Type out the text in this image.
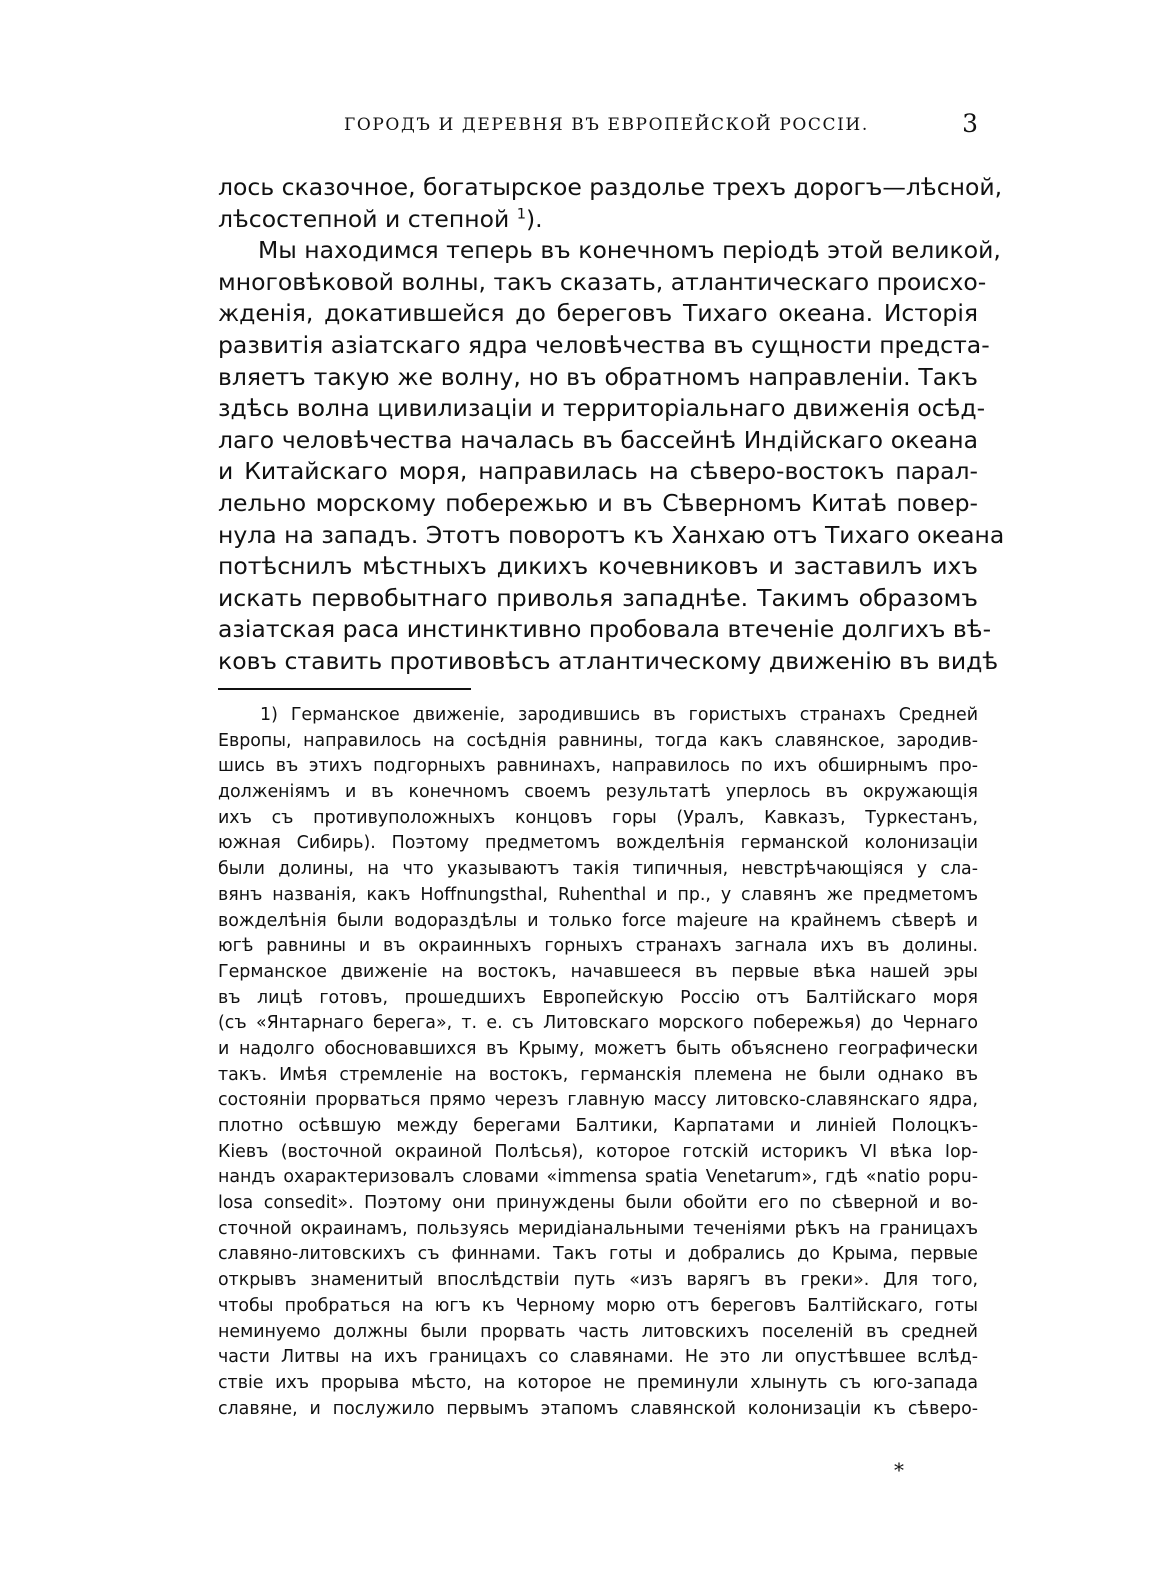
ГОРОДЪ И ДЕРЕВНЯ ВЪ ЕВРОПЕЙСКОЙ РОССІИ.	3
лось сказочное, богатырское раздолье трехъ дорогъ—лѣсной,
лѣсостепной и степной $^1$).
Мы находимся теперь въ конечномъ періодѣ этой великой,
многовѣковой волны, такъ сказать, атлантическаго происхо-
жденія, докатившейся до береговъ Тихаго океана. Исторія
развитія азіатскаго ядра человѣчества въ сущности предста-
вляетъ такую же волну, но въ обратномъ направленіи. Такъ
здѣсь волна цивилизаціи и территоріальнаго движенія осѣд-
лаго человѣчества началась въ бассейнѣ Индійскаго океана
и Китайскаго моря, направилась на сѣверо-востокъ парал-
лельно морскому побережью и въ Сѣверномъ Китаѣ повер-
нула на западъ. Этотъ поворотъ къ Ханхаю отъ Тихаго океана
потѣснилъ мѣстныхъ дикихъ кочевниковъ и заставилъ ихъ
искать первобытнаго приволья западнѣе. Такимъ образомъ
азіатская раса инстинктивно пробовала втеченіе долгихъ вѣ-
ковъ ставить противовѣсъ атлантическому движенію въ видѣ
1) Германское движеніе, зародившись въ гористыхъ странахъ Средней
Европы, направилось на сосѣднія равнины, тогда какъ славянское, зародив-
шись въ этихъ подгорныхъ равнинахъ, направилось по ихъ обширнымъ про-
долженіямъ и въ конечномъ своемъ результатѣ уперлось въ окружающія
ихъ съ противуположныхъ концовъ горы (Уралъ, Кавказъ, Туркестанъ,
южная Сибирь). Поэтому предметомъ вожделѣнія германской колонизаціи
были долины, на что указываютъ такія типичныя, невстрѣчающіяся у сла-
вянъ названія, какъ Hoffnungsthal, Ruhenthal и пр., у славянъ же предметомъ
вожделѣнія были водораздѣлы и только force majeure на крайнемъ сѣверѣ и
югѣ равнины и въ окраинныхъ горныхъ странахъ загнала ихъ въ долины.
Германское движеніе на востокъ, начавшееся въ первые вѣка нашей эры
въ лицѣ готовъ, прошедшихъ Европейскую Россію отъ Балтійскаго моря
(съ «Янтарнаго берега», т. е. съ Литовскаго морского побережья) до Чернаго
и надолго обосновавшихся въ Крыму, можетъ быть объяснено географически
такъ. Имѣя стремленіе на востокъ, германскія племена не были однако въ
состояніи прорваться прямо черезъ главную массу литовско-славянскаго ядра,
плотно осѣвшую между берегами Балтики, Карпатами и линіей Полоцкъ-
Кіевъ (восточной окраиной Полѣсья), которое готскій историкъ VI вѣка Іор-
нандъ охарактеризовалъ словами «immensa spatia Venetarum», гдѣ «natio popu-
losa consedit». Поэтому они принуждены были обойти его по сѣверной и во-
сточной окраинамъ, пользуясь меридіанальными теченіями рѣкъ на границахъ
славяно-литовскихъ съ финнами. Такъ готы и добрались до Крыма, первые
открывъ знаменитый впослѣдствіи путь «изъ варягъ въ греки». Для того,
чтобы пробраться на югъ къ Черному морю отъ береговъ Балтійскаго, готы
неминуемо должны были прорвать часть литовскихъ поселеній въ средней
части Литвы на ихъ границахъ со славянами. Не это ли опустѣвшее вслѣд-
ствіе ихъ прорыва мѣсто, на которое не преминули хлынуть съ юго-запада
славяне, и послужило первымъ этапомъ славянской колонизаціи къ сѣверо-
*
